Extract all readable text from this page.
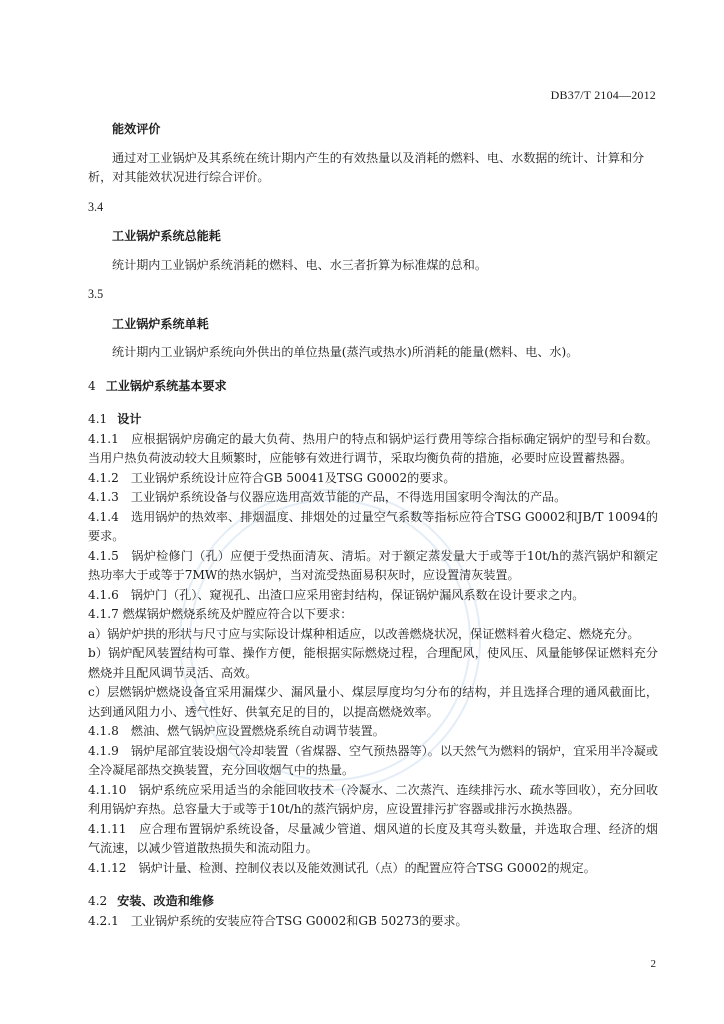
DB37/T 2104—2012

能效评价

通过对工业锅炉及其系统在统计期内产生的有效热量以及消耗的燃料、电、水数据的统计、计算和分析，对其能效状况进行综合评价。

3.4

工业锅炉系统总能耗

统计期内工业锅炉系统消耗的燃料、电、水三者折算为标准煤的总和。

3.5

工业锅炉系统单耗

统计期内工业锅炉系统向外供出的单位热量(蒸汽或热水)所消耗的能量(燃料、电、水)。

4 工业锅炉系统基本要求

4.1 设计

4.1.1　应根据锅炉房确定的最大负荷、热用户的特点和锅炉运行费用等综合指标确定锅炉的型号和台数。当用户热负荷波动较大且频繁时，应能够有效进行调节，采取均衡负荷的措施，必要时应设置蓄热器。

4.1.2　工业锅炉系统设计应符合GB 50041及TSG G0002的要求。

4.1.3　工业锅炉系统设备与仪器应选用高效节能的产品，不得选用国家明令淘汰的产品。

4.1.4　选用锅炉的热效率、排烟温度、排烟处的过量空气系数等指标应符合TSG G0002和JB/T 10094的要求。

4.1.5　锅炉检修门（孔）应便于受热面清灰、清垢。对于额定蒸发量大于或等于10t/h的蒸汽锅炉和额定热功率大于或等于7MW的热水锅炉，当对流受热面易积灰时，应设置清灰装置。

4.1.6　锅炉门（孔）、窥视孔、出渣口应采用密封结构，保证锅炉漏风系数在设计要求之内。

4.1.7 燃煤锅炉燃烧系统及炉膛应符合以下要求：

a）锅炉炉拱的形状与尺寸应与实际设计煤种相适应，以改善燃烧状况，保证燃料着火稳定、燃烧充分。

b）锅炉配风装置结构可靠、操作方便，能根据实际燃烧过程，合理配风，使风压、风量能够保证燃料充分燃烧并且配风调节灵活、高效。

c）层燃锅炉燃烧设备宜采用漏煤少、漏风量小、煤层厚度均匀分布的结构，并且选择合理的通风截面比，达到通风阻力小、透气性好、供氧充足的目的，以提高燃烧效率。

4.1.8　燃油、燃气锅炉应设置燃烧系统自动调节装置。

4.1.9　锅炉尾部宜装设烟气冷却装置（省煤器、空气预热器等）。以天然气为燃料的锅炉，宜采用半冷凝或全冷凝尾部热交换装置，充分回收烟气中的热量。

4.1.10　锅炉系统应采用适当的余能回收技术（冷凝水、二次蒸汽、连续排污水、疏水等回收），充分回收利用锅炉弃热。总容量大于或等于10t/h的蒸汽锅炉房，应设置排污扩容器或排污水换热器。

4.1.11　应合理布置锅炉系统设备，尽量减少管道、烟风道的长度及其弯头数量，并选取合理、经济的烟气流速，以减少管道散热损失和流动阻力。

4.1.12　锅炉计量、检测、控制仪表以及能效测试孔（点）的配置应符合TSG G0002的规定。

4.2 安装、改造和维修

4.2.1　工业锅炉系统的安装应符合TSG G0002和GB 50273的要求。

2
